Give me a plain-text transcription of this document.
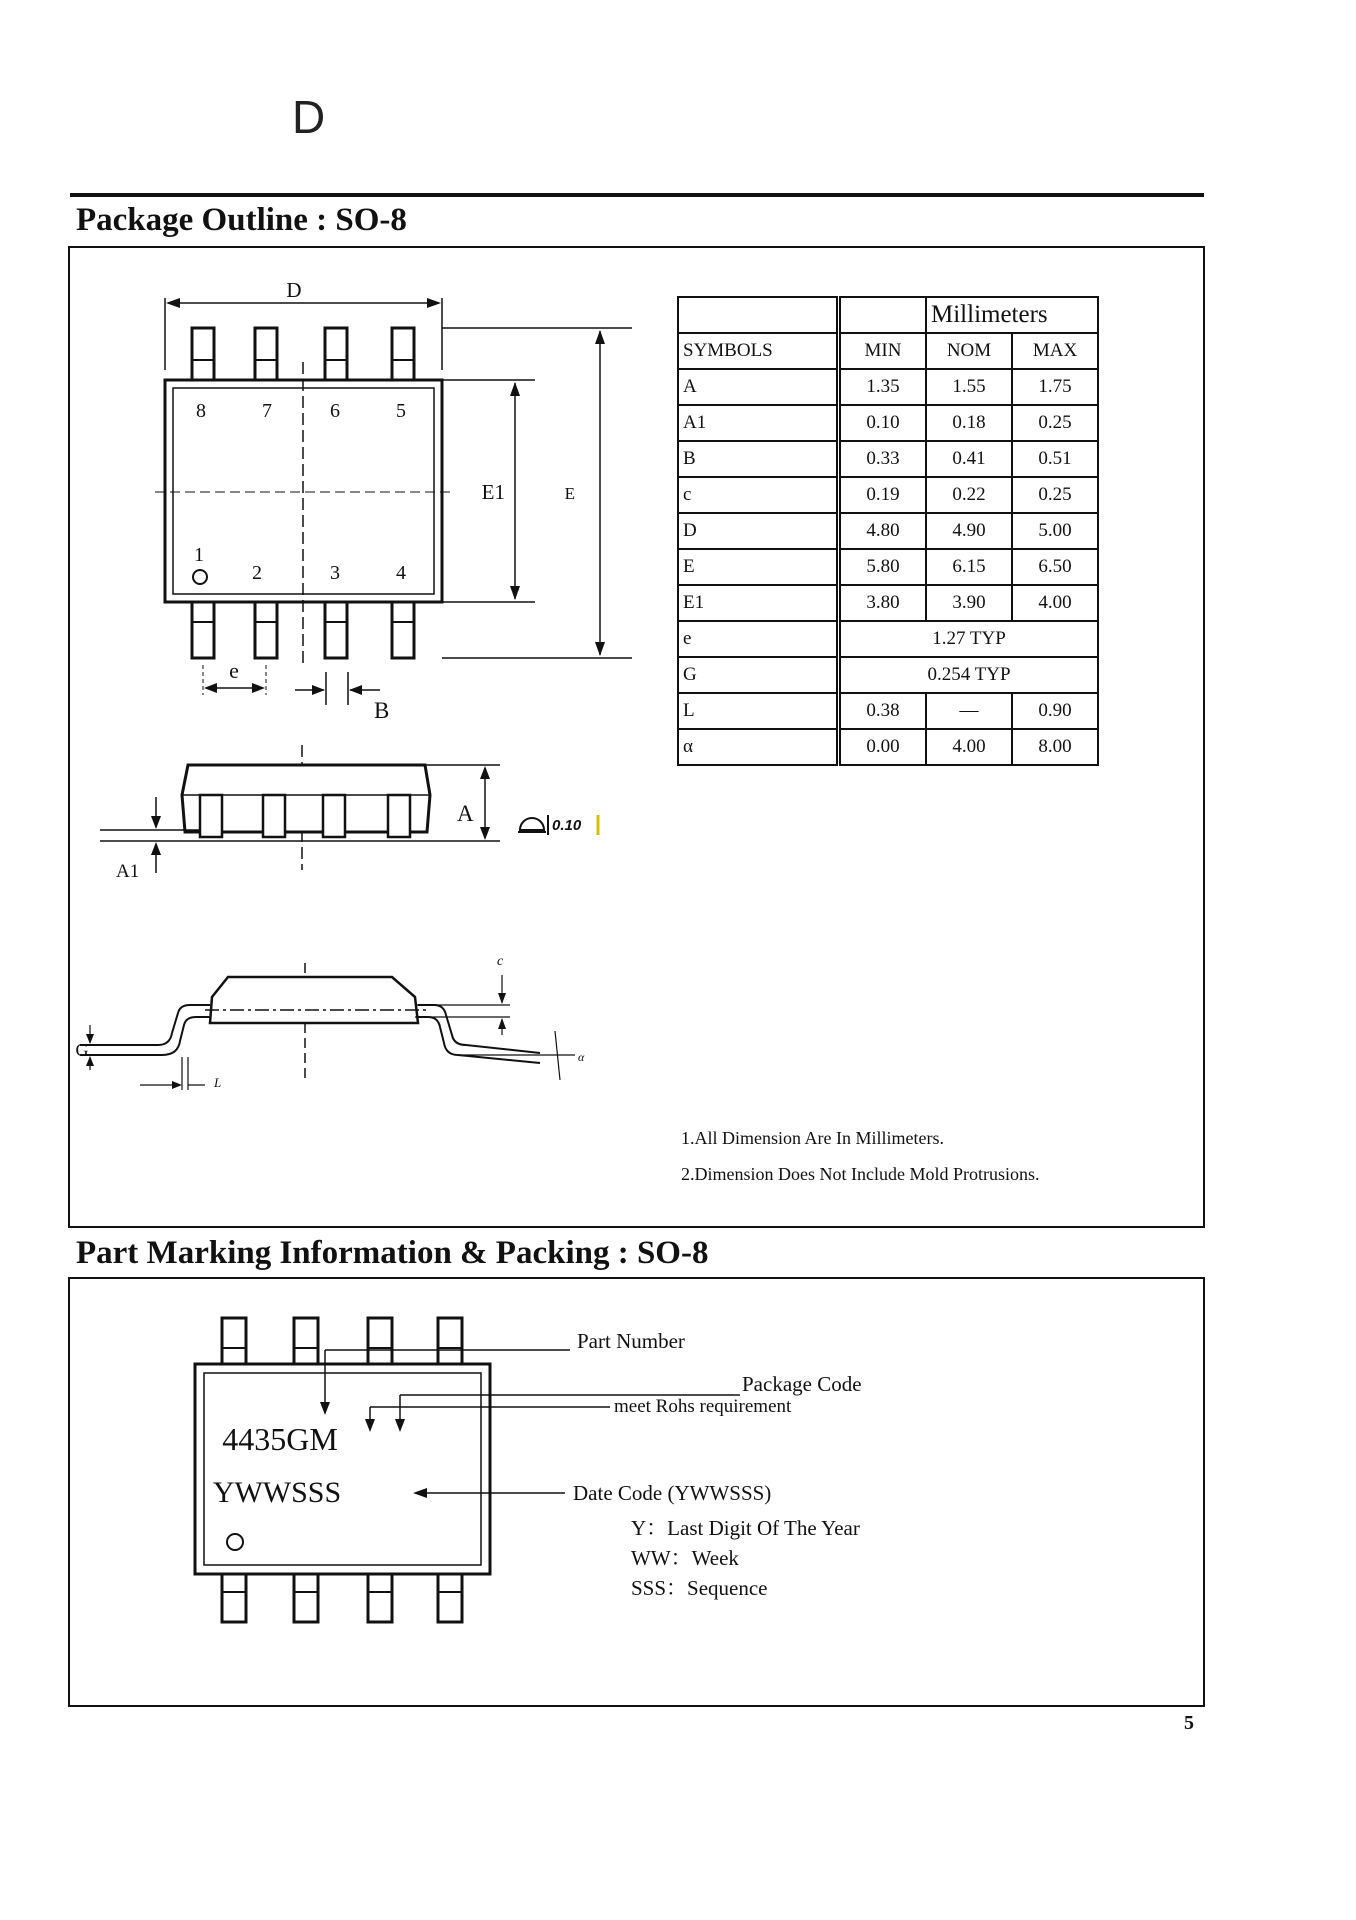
D
Package Outline : SO-8
D
8	7	6	5
1
2	3	4
E1	E
e
B
A
A1
0.10
c
α
G
L
		Millimeters	
SYMBOLS	MIN	NOM	MAX
A	1.35	1.55	1.75
A1	0.10	0.18	0.25
B	0.33	0.41	0.51
c	0.19	0.22	0.25
D	4.80	4.90	5.00
E	5.80	6.15	6.50
E1	3.80	3.90	4.00
e	1.27 TYP		
G	0.254 TYP		
L	0.38	—	0.90
α	0.00	4.00	8.00
1.All Dimension Are In Millimeters.
2.Dimension Does Not Include Mold Protrusions.
Part Marking Information & Packing : SO-8
4435GM
YWWSSS
Part Number
Package Code
meet Rohs requirement
Date Code (YWWSSS)
Y：Last Digit Of The Year
WW：Week
SSS：Sequence
5
